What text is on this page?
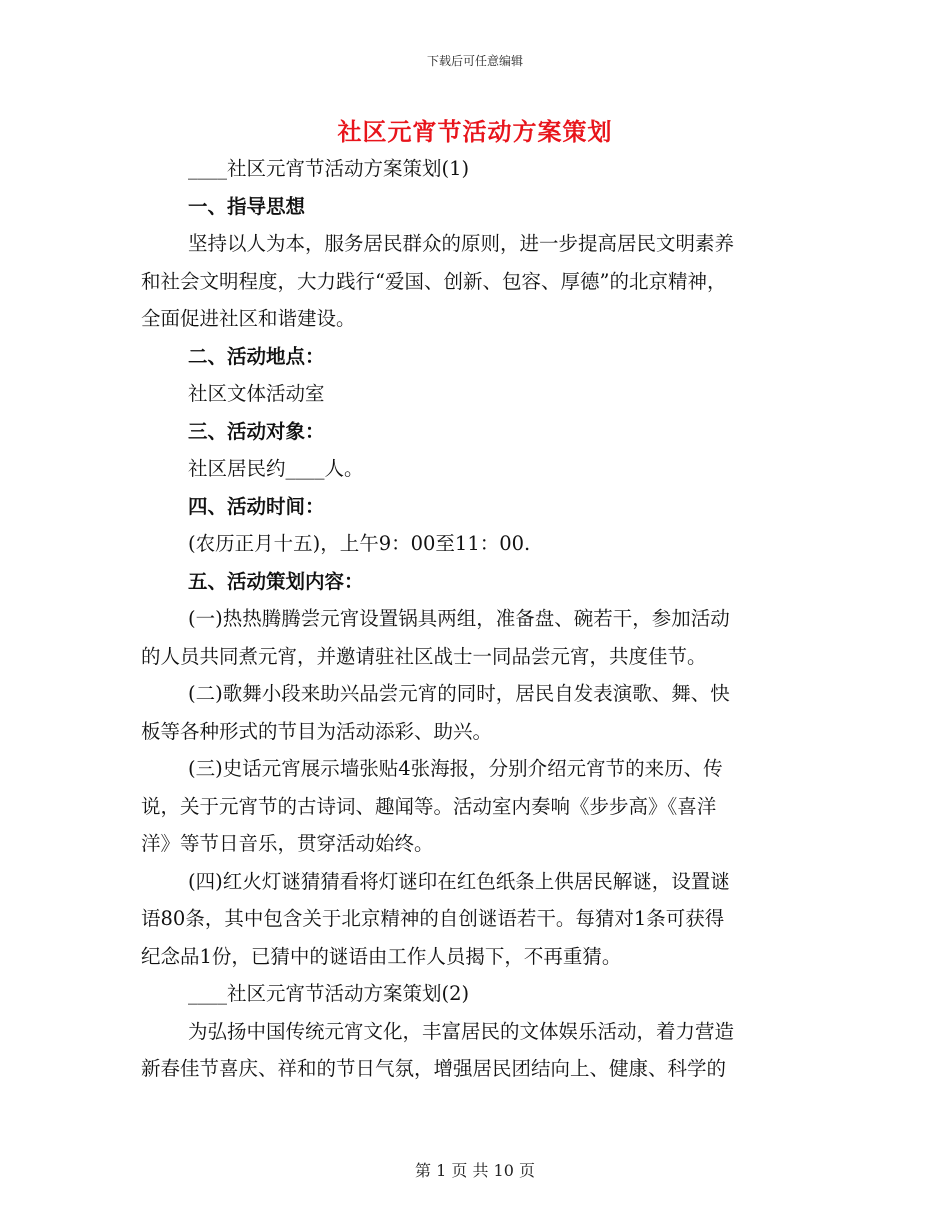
下载后可任意编辑
社区元宵节活动方案策划

____社区元宵节活动方案策划(1)

一、指导思想

坚持以人为本，服务居民群众的原则，进一步提高居民文明素养

和社会文明程度，大力践行“爱国、创新、包容、厚德”的北京精神，

全面促进社区和谐建设。

二、活动地点：

社区文体活动室

三、活动对象：

社区居民约____人。

四、活动时间：

(农历正月十五)，上午9：00至11：00.

五、活动策划内容：

(一)热热腾腾尝元宵设置锅具两组，准备盘、碗若干，参加活动

的人员共同煮元宵，并邀请驻社区战士一同品尝元宵，共度佳节。

(二)歌舞小段来助兴品尝元宵的同时，居民自发表演歌、舞、快

板等各种形式的节目为活动添彩、助兴。

(三)史话元宵展示墙张贴4张海报，分别介绍元宵节的来历、传

说，关于元宵节的古诗词、趣闻等。活动室内奏响《步步高》《喜洋

洋》等节日音乐，贯穿活动始终。

(四)红火灯谜猜猜看将灯谜印在红色纸条上供居民解谜，设置谜

语80条，其中包含关于北京精神的自创谜语若干。每猜对1条可获得

纪念品1份，已猜中的谜语由工作人员揭下，不再重猜。

____社区元宵节活动方案策划(2)

为弘扬中国传统元宵文化，丰富居民的文体娱乐活动，着力营造

新春佳节喜庆、祥和的节日气氛，增强居民团结向上、健康、科学的

第 1 页 共 10 页
